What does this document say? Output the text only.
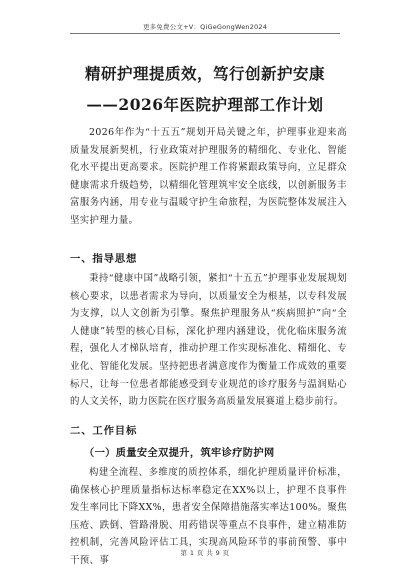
更多免费公文+V：QiGeGongWen2024
精研护理提质效，笃行创新护安康
——2026年医院护理部工作计划
2026年作为“十五五”规划开局关键之年，护理事业迎来高质量发展新契机，行业政策对护理服务的精细化、专业化、智能化水平提出更高要求。医院护理工作将紧跟政策导向，立足群众健康需求升级趋势，以精细化管理筑牢安全底线，以创新服务丰富服务内涵，用专业与温暖守护生命旅程，为医院整体发展注入坚实护理力量。
一、指导思想
秉持“健康中国”战略引领，紧扣“十五五”护理事业发展规划核心要求，以患者需求为导向，以质量安全为根基，以专科发展为支撑，以人文创新为引擎。聚焦护理服务从“疾病照护”向“全人健康”转型的核心目标，深化护理内涵建设，优化临床服务流程，强化人才梯队培育，推动护理工作实现标准化、精细化、专业化、智能化发展。坚持把患者满意度作为衡量工作成效的重要标尺，让每一位患者都能感受到专业规范的诊疗服务与温润贴心的人文关怀，助力医院在医疗服务高质量发展赛道上稳步前行。
二、工作目标
（一）质量安全双提升，筑牢诊疗防护网
构建全流程、多维度的质控体系，细化护理质量评价标准，确保核心护理质量指标达标率稳定在XX%以上，护理不良事件发生率同比下降XX%，患者安全保障措施落实率达100%。聚焦压疮、跌倒、管路滑脱、用药错误等重点不良事件，建立精准防控机制，完善风险评估工具，实现高风险环节的事前预警、事中干预、事
第 1 页 共 9 页
